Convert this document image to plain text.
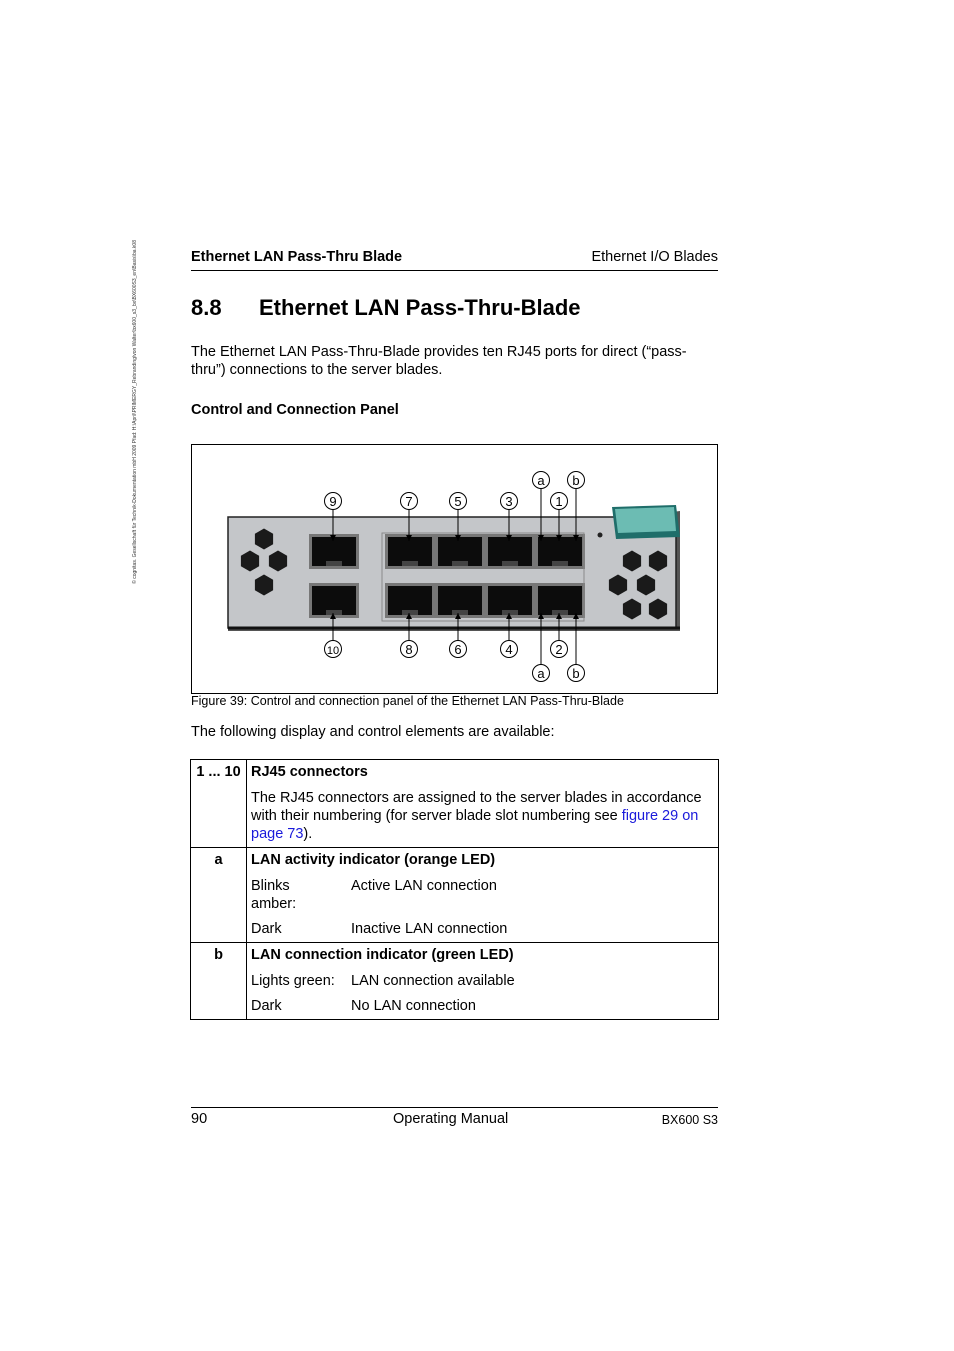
© cognitas. Gesellschaft für Technik-Dokumentation mbH 2009 Pfad: H:\April\PRIMERGY_Rebranding\von Walter\bx600_s3_bx\BX600S3_en\Basis\ba.k08	Ethernet LAN Pass-Thru Blade	Ethernet I/O Blades
8.8 Ethernet LAN Pass-Thru-Blade
The Ethernet LAN Pass-Thru-Blade provides ten RJ45 ports for direct (“pass-thru”) connections to the server blades.
Control and Connection Panel
9	7	5	3	1
10	8	6	4	2
a b
a b
Figure 39: Control and connection panel of the Ethernet LAN Pass-Thru-Blade
The following display and control elements are available:
1 ... 10	RJ45 connectors
The RJ45 connectors are assigned to the server blades in accordance with their numbering (for server blade slot numbering see figure 29 on page 73).

a	LAN activity indicator (orange LED)
Blinks amber:
Active LAN connection
Dark Inactive LAN connection

b	LAN connection indicator (green LED)
Lights green: LAN connection available
Dark No LAN connection
90	Operating Manual	BX600 S3
